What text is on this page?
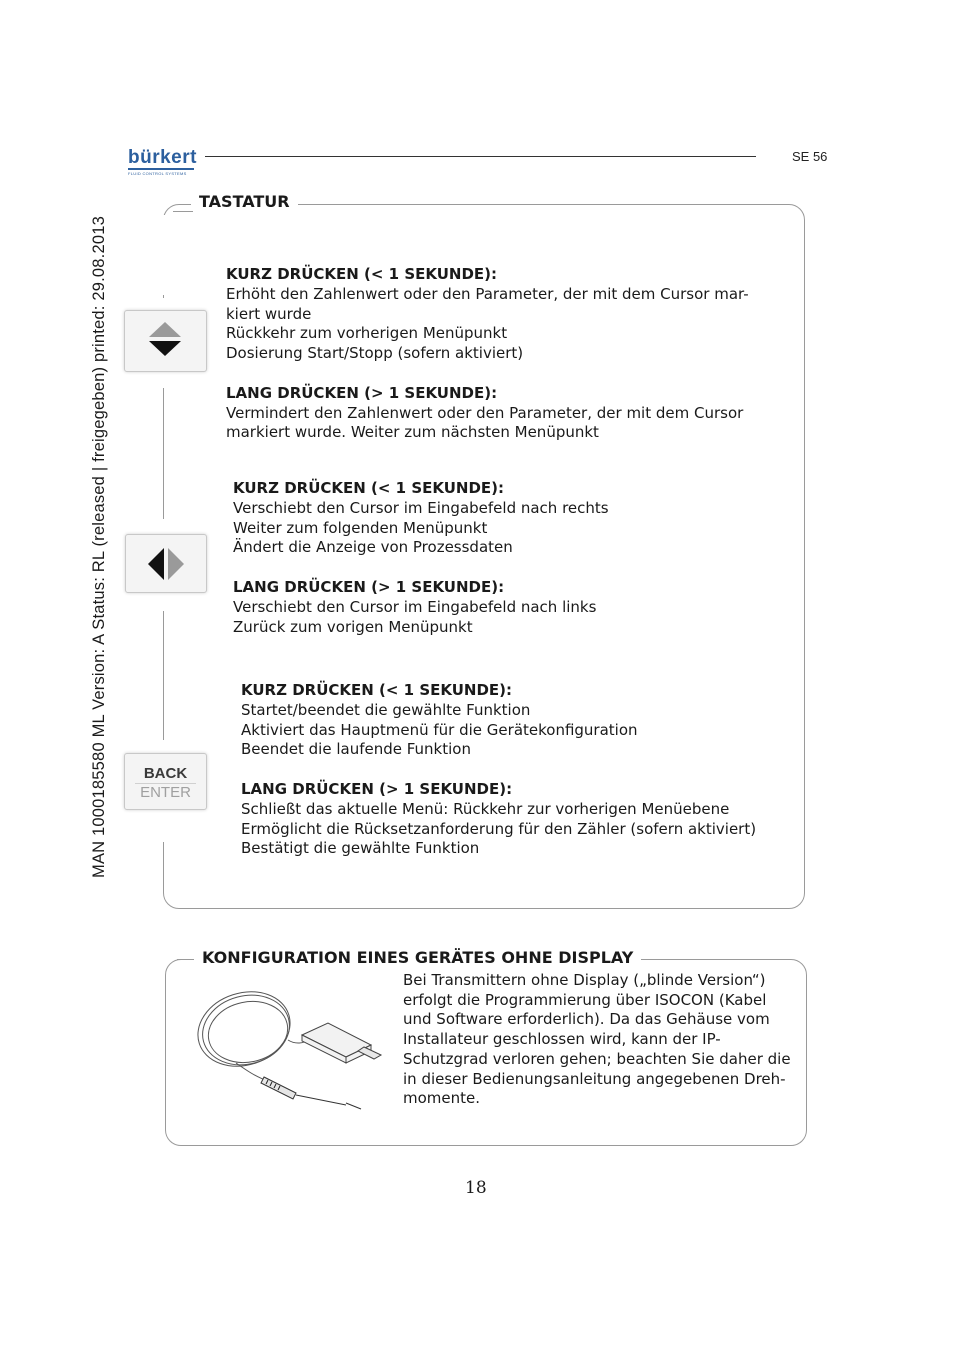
bürkert
FLUID CONTROL SYSTEMS
SE 56
MAN 1000185580 ML Version: A Status: RL (released | freigegeben) printed: 29.08.2013
TASTATUR
BACK
ENTER
KURZ DRÜCKEN (< 1 SEKUNDE):
Erhöht den Zahlenwert oder den Parameter, der mit dem Cursor mar-
kiert wurde
Rückkehr zum vorherigen Menüpunkt
Dosierung Start/Stopp (sofern aktiviert)
LANG DRÜCKEN (> 1 SEKUNDE):
Vermindert den Zahlenwert oder den Parameter, der mit dem Cursor
markiert wurde. Weiter zum nächsten Menüpunkt
KURZ DRÜCKEN (< 1 SEKUNDE):
Verschiebt den Cursor im Eingabefeld nach rechts
Weiter zum folgenden Menüpunkt
Ändert die Anzeige von Prozessdaten
LANG DRÜCKEN (> 1 SEKUNDE):
Verschiebt den Cursor im Eingabefeld nach links
Zurück zum vorigen Menüpunkt
KURZ DRÜCKEN (< 1 SEKUNDE):
Startet/beendet die gewählte Funktion
Aktiviert das Hauptmenü für die Gerätekonfiguration
Beendet die laufende Funktion
LANG DRÜCKEN (> 1 SEKUNDE):
Schließt das aktuelle Menü: Rückkehr zur vorherigen Menüebene
Ermöglicht die Rücksetzanforderung für den Zähler (sofern aktiviert)
Bestätigt die gewählte Funktion
KONFIGURATION EINES GERÄTES OHNE DISPLAY
Bei Transmittern ohne Display („blinde Version“)
erfolgt die Programmierung über ISOCON (Kabel
und Software erforderlich). Da das Gehäuse vom
Installateur geschlossen wird, kann der IP-
Schutzgrad verloren gehen; beachten Sie daher die
in dieser Bedienungsanleitung angegebenen Dreh-
momente.
18
